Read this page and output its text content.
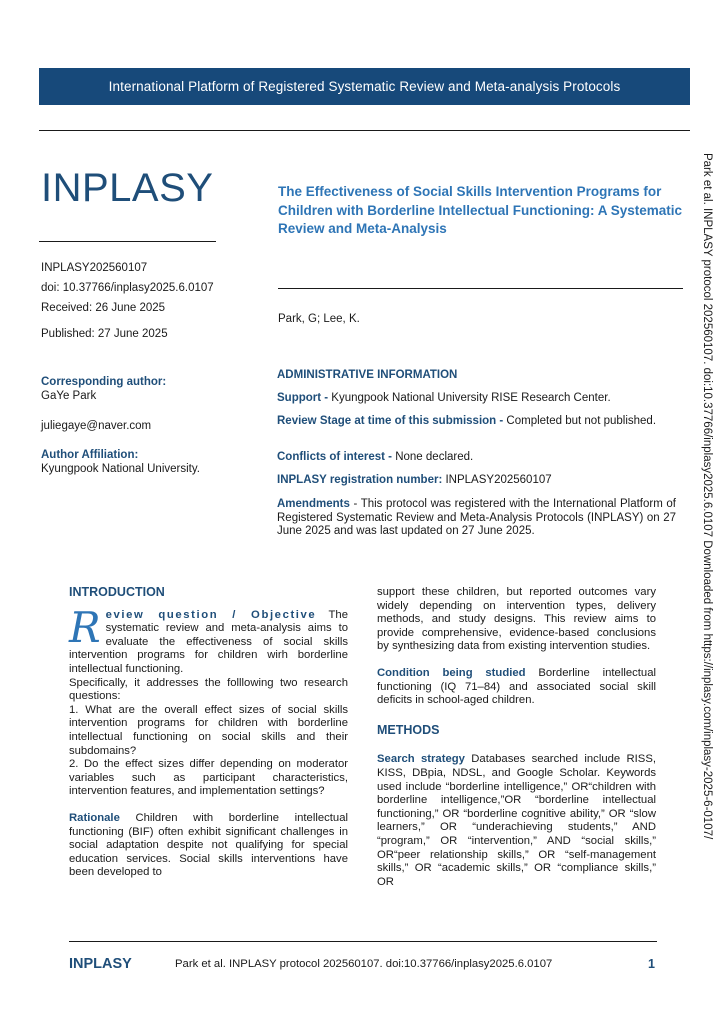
International Platform of Registered Systematic Review and Meta-analysis Protocols
INPLASY
INPLASY202560107
doi: 10.37766/inplasy2025.6.0107
Received: 26 June 2025
Published: 27 June 2025
Corresponding author:
GaYe Park
juliegaye@naver.com
Author Affiliation:
Kyungpook National University.
The Effectiveness of Social Skills Intervention Programs for Children with Borderline Intellectual Functioning: A Systematic Review and Meta-Analysis
Park, G; Lee, K.
ADMINISTRATIVE INFORMATION
Support - Kyungpook National University RISE Research Center.
Review Stage at time of this submission - Completed but not published.
Conflicts of interest - None declared.
INPLASY registration number: INPLASY202560107
Amendments - This protocol was registered with the International Platform of Registered Systematic Review and Meta-Analysis Protocols (INPLASY) on 27 June 2025 and was last updated on 27 June 2025.
INTRODUCTION
Review question / Objective The systematic review and meta-analysis aims to evaluate the effectiveness of social skills intervention programs for children wirh borderline intellectual functioning.
Specifically, it addresses the folllowing two research questions:
1. What are the overall effect sizes of social skills intervention programs for children with borderline intellectual functioning on social skills and their subdomains?
2. Do the effect sizes differ depending on moderator variables such as participant characteristics, intervention features, and implementation settings?
Rationale Children with borderline intellectual functioning (BIF) often exhibit significant challenges in social adaptation despite not qualifying for special education services. Social skills interventions have been developed to
support these children, but reported outcomes vary widely depending on intervention types, delivery methods, and study designs. This review aims to provide comprehensive, evidence-based conclusions by synthesizing data from existing intervention studies.
Condition being studied Borderline intellectual functioning (IQ 71–84) and associated social skill deficits in school-aged children.
METHODS
Search strategy Databases searched include RISS, KISS, DBpia, NDSL, and Google Scholar. Keywords used include “borderline intelligence,” OR“children with borderline intelligence,”OR “borderline intellectual functioning,” OR “borderline cognitive ability,” OR “slow learners,” OR “underachieving students,” AND “program,” OR “intervention,” AND “social skills,” OR“peer relationship skills,” OR “self-management skills,” OR “academic skills,” OR “compliance skills,” OR
Park et al. INPLASY protocol 202560107. doi:10.37766/inplasy2025.6.0107 Downloaded from https://inplasy.com/inplasy-2025-6-0107/
INPLASY	Park et al. INPLASY protocol 202560107. doi:10.37766/inplasy2025.6.0107	1
